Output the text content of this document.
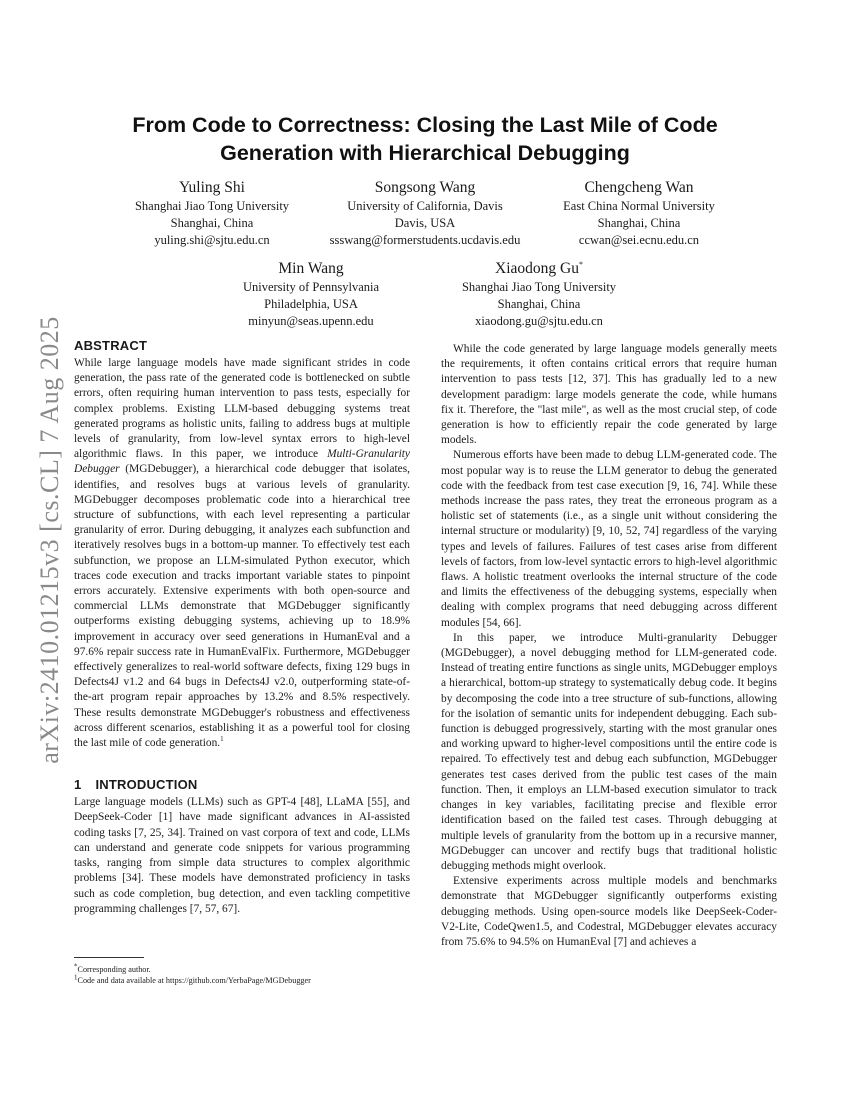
arXiv:2410.01215v3 [cs.CL] 7 Aug 2025
From Code to Correctness: Closing the Last Mile of Code
Generation with Hierarchical Debugging
Yuling Shi
Shanghai Jiao Tong University
Shanghai, China
yuling.shi@sjtu.edu.cn
Songsong Wang
University of California, Davis
Davis, USA
ssswang@formerstudents.ucdavis.edu
Chengcheng Wan
East China Normal University
Shanghai, China
ccwan@sei.ecnu.edu.cn
Min Wang
University of Pennsylvania
Philadelphia, USA
minyun@seas.upenn.edu
Xiaodong Gu*
Shanghai Jiao Tong University
Shanghai, China
xiaodong.gu@sjtu.edu.cn
ABSTRACT

While large language models have made significant strides in code generation, the pass rate of the generated code is bottlenecked on subtle errors, often requiring human intervention to pass tests, especially for complex problems. Existing LLM-based debugging systems treat generated programs as holistic units, failing to address bugs at multiple levels of granularity, from low-level syntax errors to high-level algorithmic flaws. In this paper, we introduce Multi-Granularity Debugger (MGDebugger), a hierarchical code debugger that isolates, identifies, and resolves bugs at various levels of granularity. MGDebugger decomposes problematic code into a hierarchical tree structure of subfunctions, with each level representing a particular granularity of error. During debugging, it analyzes each subfunction and iteratively resolves bugs in a bottom-up manner. To effectively test each subfunction, we propose an LLM-simulated Python executor, which traces code execution and tracks important variable states to pinpoint errors accurately. Extensive experiments with both open-source and commercial LLMs demonstrate that MGDebugger significantly outperforms existing debugging systems, achieving up to 18.9% improvement in accuracy over seed generations in HumanEval and a 97.6% repair success rate in HumanEvalFix. Furthermore, MGDebugger effectively generalizes to real-world software defects, fixing 129 bugs in Defects4J v1.2 and 64 bugs in Defects4J v2.0, outperforming state-of-the-art program repair approaches by 13.2% and 8.5% respectively. These results demonstrate MGDebugger's robustness and effectiveness across different scenarios, establishing it as a powerful tool for closing the last mile of code generation.$^1$

1 INTRODUCTION

Large language models (LLMs) such as GPT-4 [48], LLaMA [55], and DeepSeek-Coder [1] have made significant advances in AI-assisted coding tasks [7, 25, 34]. Trained on vast corpora of text and code, LLMs can understand and generate code snippets for various programming tasks, ranging from simple data structures to complex algorithmic problems [34]. These models have demonstrated proficiency in tasks such as code completion, bug detection, and even tackling competitive programming challenges [7, 57, 67].

*Corresponding author.

$^1$Code and data available at https://github.com/YerbaPage/MGDebugger

While the code generated by large language models generally meets the requirements, it often contains critical errors that require human intervention to pass tests [12, 37]. This has gradually led to a new development paradigm: large models generate the code, while humans fix it. Therefore, the "last mile", as well as the most crucial step, of code generation is how to efficiently repair the code generated by large models.

Numerous efforts have been made to debug LLM-generated code. The most popular way is to reuse the LLM generator to debug the generated code with the feedback from test case execution [9, 16, 74]. While these methods increase the pass rates, they treat the erroneous program as a holistic set of statements (i.e., as a single unit without considering the internal structure or modularity) [9, 10, 52, 74] regardless of the varying types and levels of failures. Failures of test cases arise from different levels of factors, from low-level syntactic errors to high-level algorithmic flaws. A holistic treatment overlooks the internal structure of the code and limits the effectiveness of the debugging systems, especially when dealing with complex programs that need debugging across different modules [54, 66].

In this paper, we introduce Multi-granularity Debugger (MGDebugger), a novel debugging method for LLM-generated code. Instead of treating entire functions as single units, MGDebugger employs a hierarchical, bottom-up strategy to systematically debug code. It begins by decomposing the code into a tree structure of sub-functions, allowing for the isolation of semantic units for independent debugging. Each sub-function is debugged progressively, starting with the most granular ones and working upward to higher-level compositions until the entire code is repaired. To effectively test and debug each subfunction, MGDebugger generates test cases derived from the public test cases of the main function. Then, it employs an LLM-based execution simulator to track changes in key variables, facilitating precise and flexible error identification based on the failed test cases. Through debugging at multiple levels of granularity from the bottom up in a recursive manner, MGDebugger can uncover and rectify bugs that traditional holistic debugging methods might overlook.

Extensive experiments across multiple models and benchmarks demonstrate that MGDebugger significantly outperforms existing debugging methods. Using open-source models like DeepSeek-Coder-V2-Lite, CodeQwen1.5, and Codestral, MGDebugger elevates accuracy from 75.6% to 94.5% on HumanEval [7] and achieves a
